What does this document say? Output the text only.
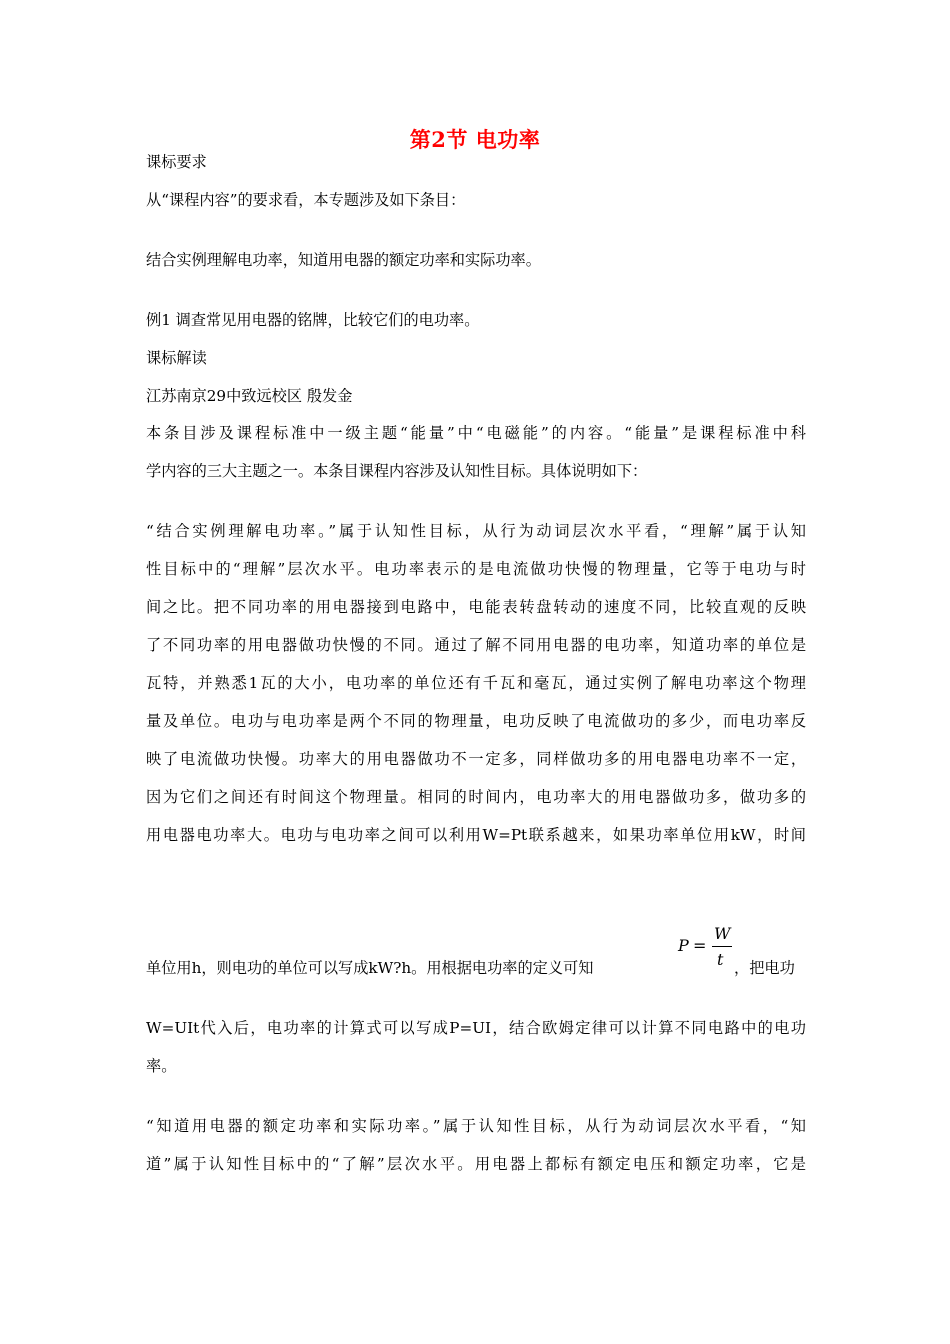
第2节 电功率
课标要求
从“课程内容”的要求看，本专题涉及如下条目：
结合实例理解电功率，知道用电器的额定功率和实际功率。
例1 调查常见用电器的铭牌，比较它们的电功率。
课标解读
江苏南京29中致远校区 殷发金
本条目涉及课程标准中一级主题“能量”中“电磁能”的内容。“能量”是课程标准中科
学内容的三大主题之一。本条目课程内容涉及认知性目标。具体说明如下：
“结合实例理解电功率。”属于认知性目标，从行为动词层次水平看，“理解”属于认知
性目标中的“理解”层次水平。电功率表示的是电流做功快慢的物理量，它等于电功与时
间之比。把不同功率的用电器接到电路中，电能表转盘转动的速度不同，比较直观的反映
了不同功率的用电器做功快慢的不同。通过了解不同用电器的电功率，知道功率的单位是
瓦特，并熟悉1瓦的大小，电功率的单位还有千瓦和毫瓦，通过实例了解电功率这个物理
量及单位。电功与电功率是两个不同的物理量，电功反映了电流做功的多少，而电功率反
映了电流做功快慢。功率大的用电器做功不一定多，同样做功多的用电器电功率不一定，
因为它们之间还有时间这个物理量。相同的时间内，电功率大的用电器做功多，做功多的
用电器电功率大。电功与电功率之间可以利用W=Pt联系越来，如果功率单位用kW，时间
单位用h，则电功的单位可以写成kW?h。用根据电功率的定义可知
P =
W
t ，把电功
W=UIt代入后，电功率的计算式可以写成P=UI，结合欧姆定律可以计算不同电路中的电功
率。
“知道用电器的额定功率和实际功率。”属于认知性目标，从行为动词层次水平看，“知
道”属于认知性目标中的“了解”层次水平。用电器上都标有额定电压和额定功率，它是
